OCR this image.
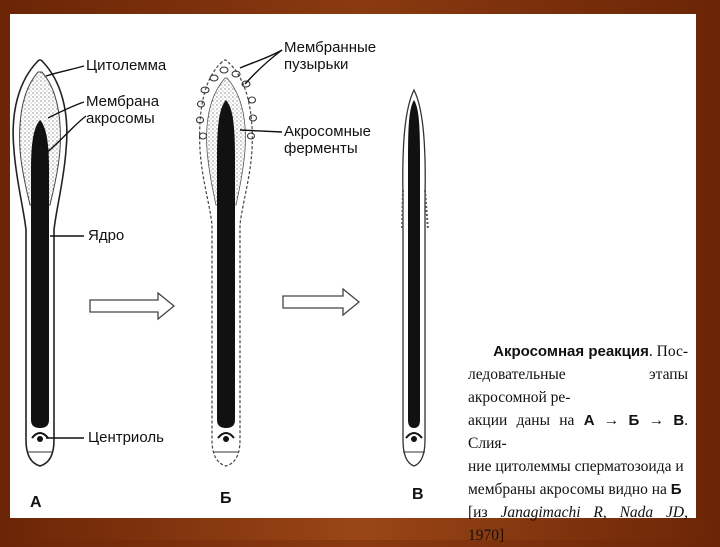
Цитолемма
Мембрана
акросомы
Ядро
Центриоль
Мембранные
пузырьки
Акросомные
ферменты
А	Б	В
Акросомная реакция. Пос-
ледовательные этапы акросомной ре-
акции даны на А → Б → В. Слия-
ние цитолеммы сперматозоида и
мембраны акросомы видно на Б
[из Janagimachi R, Nada JD, 1970]
